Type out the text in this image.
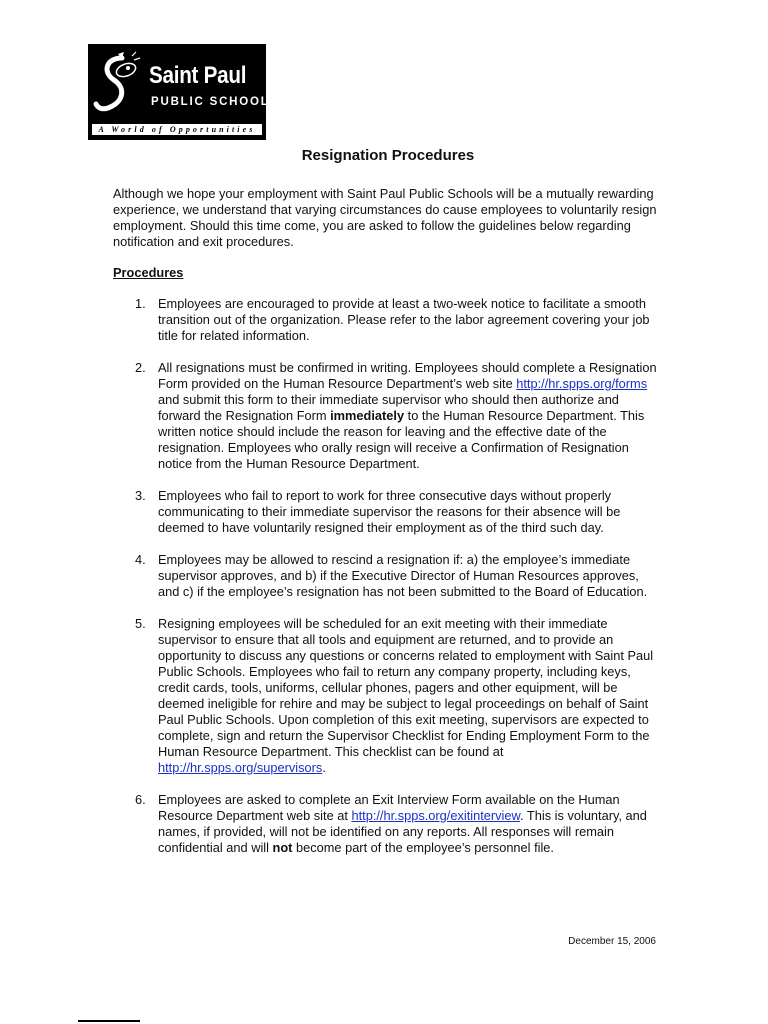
Saint Paul
PUBLIC SCHOOLS
A World of Opportunities
Resignation Procedures

Although we hope your employment with Saint Paul Public Schools will be a mutually rewarding experience, we understand that varying circumstances do cause employees to voluntarily resign employment. Should this time come, you are asked to follow the guidelines below regarding notification and exit procedures.

Procedures
1. Employees are encouraged to provide at least a two-week notice to facilitate a smooth transition out of the organization. Please refer to the labor agreement covering your job title for related information.
2. All resignations must be confirmed in writing. Employees should complete a Resignation Form provided on the Human Resource Department’s web site http://hr.spps.org/forms and submit this form to their immediate supervisor who should then authorize and forward the Resignation Form immediately to the Human Resource Department. This written notice should include the reason for leaving and the effective date of the resignation. Employees who orally resign will receive a Confirmation of Resignation notice from the Human Resource Department.
3. Employees who fail to report to work for three consecutive days without properly communicating to their immediate supervisor the reasons for their absence will be deemed to have voluntarily resigned their employment as of the third such day.
4. Employees may be allowed to rescind a resignation if: a) the employee’s immediate supervisor approves, and b) if the Executive Director of Human Resources approves, and c) if the employee’s resignation has not been submitted to the Board of Education.
5. Resigning employees will be scheduled for an exit meeting with their immediate supervisor to ensure that all tools and equipment are returned, and to provide an opportunity to discuss any questions or concerns related to employment with Saint Paul Public Schools. Employees who fail to return any company property, including keys, credit cards, tools, uniforms, cellular phones, pagers and other equipment, will be deemed ineligible for rehire and may be subject to legal proceedings on behalf of Saint Paul Public Schools. Upon completion of this exit meeting, supervisors are expected to complete, sign and return the Supervisor Checklist for Ending Employment Form to the Human Resource Department. This checklist can be found at http://hr.spps.org/supervisors.
6. Employees are asked to complete an Exit Interview Form available on the Human Resource Department web site at http://hr.spps.org/exitinterview. This is voluntary, and names, if provided, will not be identified on any reports. All responses will remain confidential and will not become part of the employee’s personnel file.
December 15, 2006
